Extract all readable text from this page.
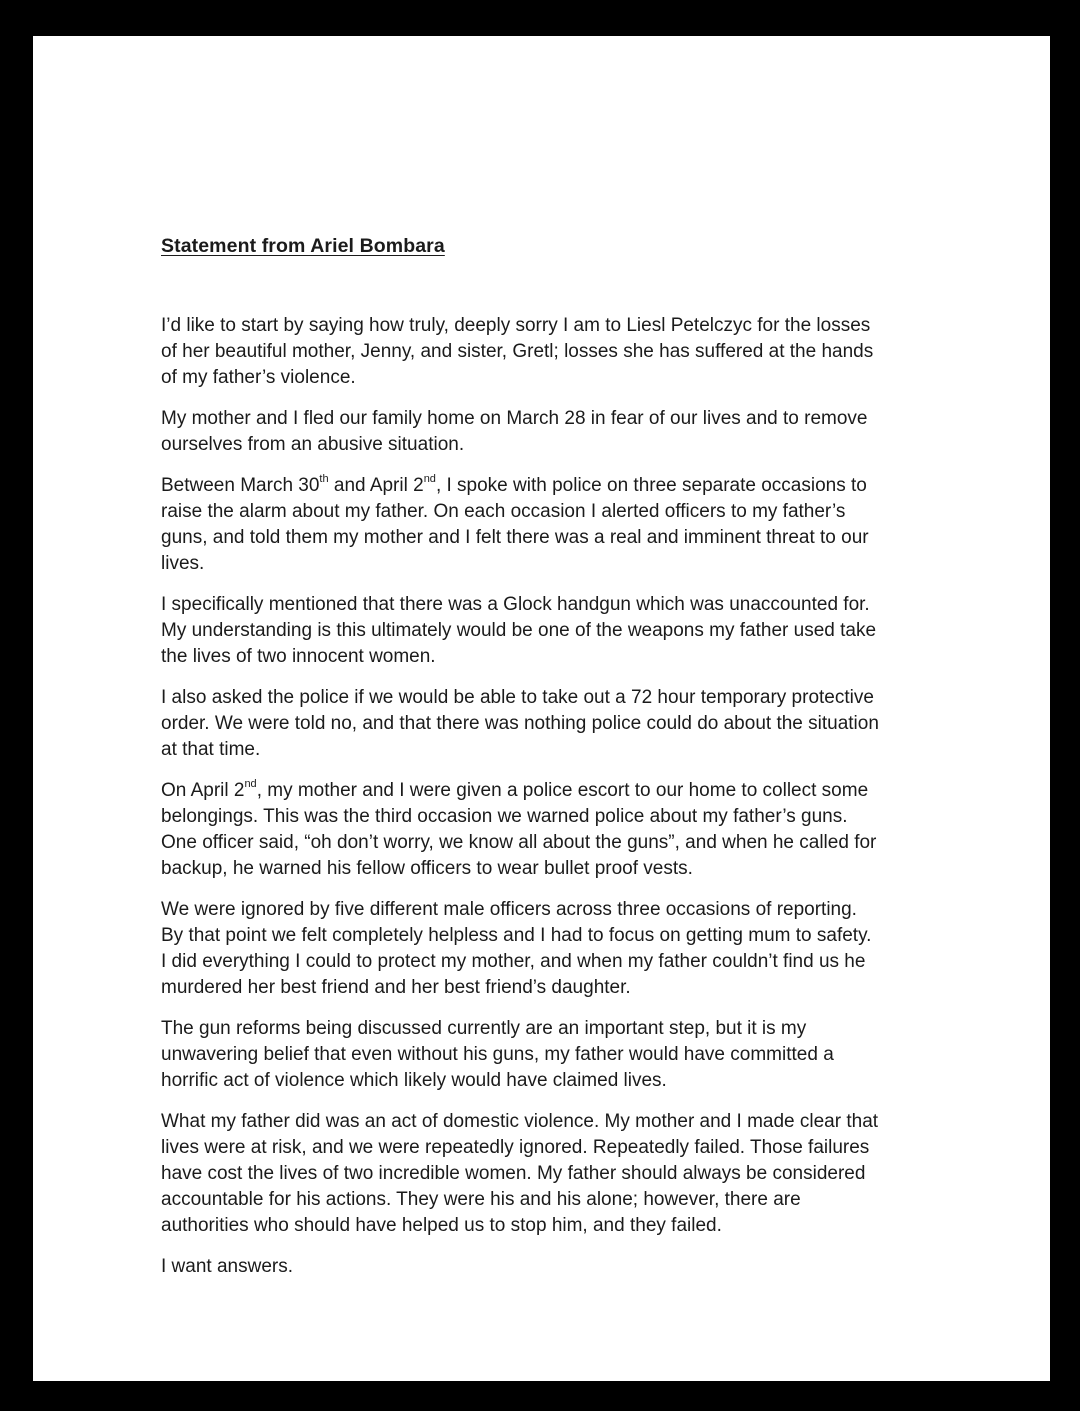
Statement from Ariel Bombara

I’d like to start by saying how truly, deeply sorry I am to Liesl Petelczyc for the losses
of her beautiful mother, Jenny, and sister, Gretl; losses she has suffered at the hands
of my father’s violence.

My mother and I fled our family home on March 28 in fear of our lives and to remove
ourselves from an abusive situation.

Between March 30th and April 2nd, I spoke with police on three separate occasions to
raise the alarm about my father. On each occasion I alerted officers to my father’s
guns, and told them my mother and I felt there was a real and imminent threat to our
lives.

I specifically mentioned that there was a Glock handgun which was unaccounted for.
My understanding is this ultimately would be one of the weapons my father used take
the lives of two innocent women.

I also asked the police if we would be able to take out a 72 hour temporary protective
order. We were told no, and that there was nothing police could do about the situation
at that time.

On April 2nd, my mother and I were given a police escort to our home to collect some
belongings. This was the third occasion we warned police about my father’s guns.
One officer said, “oh don’t worry, we know all about the guns”, and when he called for
backup, he warned his fellow officers to wear bullet proof vests.

We were ignored by five different male officers across three occasions of reporting.
By that point we felt completely helpless and I had to focus on getting mum to safety.
I did everything I could to protect my mother, and when my father couldn’t find us he
murdered her best friend and her best friend’s daughter.

The gun reforms being discussed currently are an important step, but it is my
unwavering belief that even without his guns, my father would have committed a
horrific act of violence which likely would have claimed lives.

What my father did was an act of domestic violence. My mother and I made clear that
lives were at risk, and we were repeatedly ignored. Repeatedly failed. Those failures
have cost the lives of two incredible women. My father should always be considered
accountable for his actions. They were his and his alone; however, there are
authorities who should have helped us to stop him, and they failed.

I want answers.
